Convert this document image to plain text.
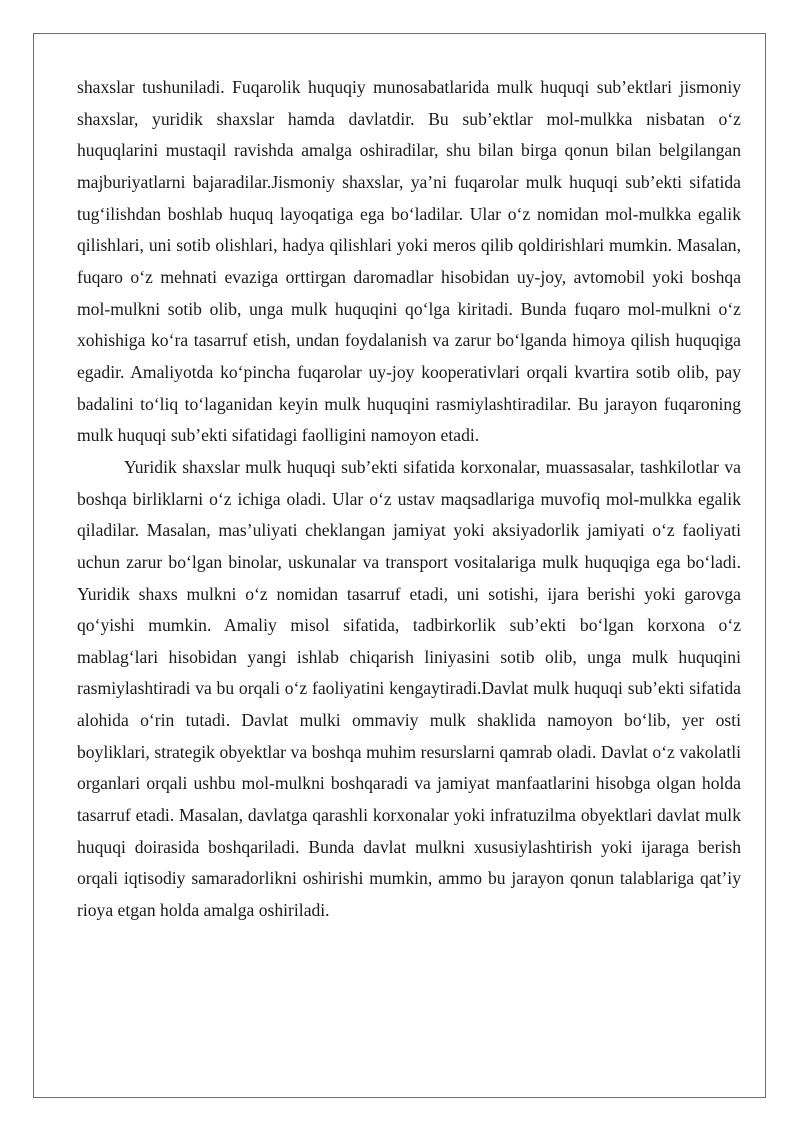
shaxslar tushuniladi. Fuqarolik huquqiy munosabatlarida mulk huquqi sub’ektlari jismoniy shaxslar, yuridik shaxslar hamda davlatdir. Bu sub’ektlar mol-mulkka nisbatan o‘z huquqlarini mustaqil ravishda amalga oshiradilar, shu bilan birga qonun bilan belgilangan majburiyatlarni bajaradilar.Jismoniy shaxslar, ya’ni fuqarolar mulk huquqi sub’ekti sifatida tug‘ilishdan boshlab huquq layoqatiga ega bo‘ladilar. Ular o‘z nomidan mol-mulkka egalik qilishlari, uni sotib olishlari, hadya qilishlari yoki meros qilib qoldirishlari mumkin. Masalan, fuqaro o‘z mehnati evaziga orttirgan daromadlar hisobidan uy-joy, avtomobil yoki boshqa mol-mulkni sotib olib, unga mulk huquqini qo‘lga kiritadi. Bunda fuqaro mol-mulkni o‘z xohishiga ko‘ra tasarruf etish, undan foydalanish va zarur bo‘lganda himoya qilish huquqiga egadir. Amaliyotda ko‘pincha fuqarolar uy-joy kooperativlari orqali kvartira sotib olib, pay badalini to‘liq to‘laganidan keyin mulk huquqini rasmiylashtiradilar. Bu jarayon fuqaroning mulk huquqi sub’ekti sifatidagi faolligini namoyon etadi.

Yuridik shaxslar mulk huquqi sub’ekti sifatida korxonalar, muassasalar, tashkilotlar va boshqa birliklarni o‘z ichiga oladi. Ular o‘z ustav maqsadlariga muvofiq mol-mulkka egalik qiladilar. Masalan, mas’uliyati cheklangan jamiyat yoki aksiyadorlik jamiyati o‘z faoliyati uchun zarur bo‘lgan binolar, uskunalar va transport vositalariga mulk huquqiga ega bo‘ladi. Yuridik shaxs mulkni o‘z nomidan tasarruf etadi, uni sotishi, ijara berishi yoki garovga qo‘yishi mumkin. Amaliy misol sifatida, tadbirkorlik sub’ekti bo‘lgan korxona o‘z mablag‘lari hisobidan yangi ishlab chiqarish liniyasini sotib olib, unga mulk huquqini rasmiylashtiradi va bu orqali o‘z faoliyatini kengaytiradi.Davlat mulk huquqi sub’ekti sifatida alohida o‘rin tutadi. Davlat mulki ommaviy mulk shaklida namoyon bo‘lib, yer osti boyliklari, strategik obyektlar va boshqa muhim resurslarni qamrab oladi. Davlat o‘z vakolatli organlari orqali ushbu mol-mulkni boshqaradi va jamiyat manfaatlarini hisobga olgan holda tasarruf etadi. Masalan, davlatga qarashli korxonalar yoki infratuzilma obyektlari davlat mulk huquqi doirasida boshqariladi. Bunda davlat mulkni xususiylashtirish yoki ijaraga berish orqali iqtisodiy samaradorlikni oshirishi mumkin, ammo bu jarayon qonun talablariga qat’iy rioya etgan holda amalga oshiriladi.
